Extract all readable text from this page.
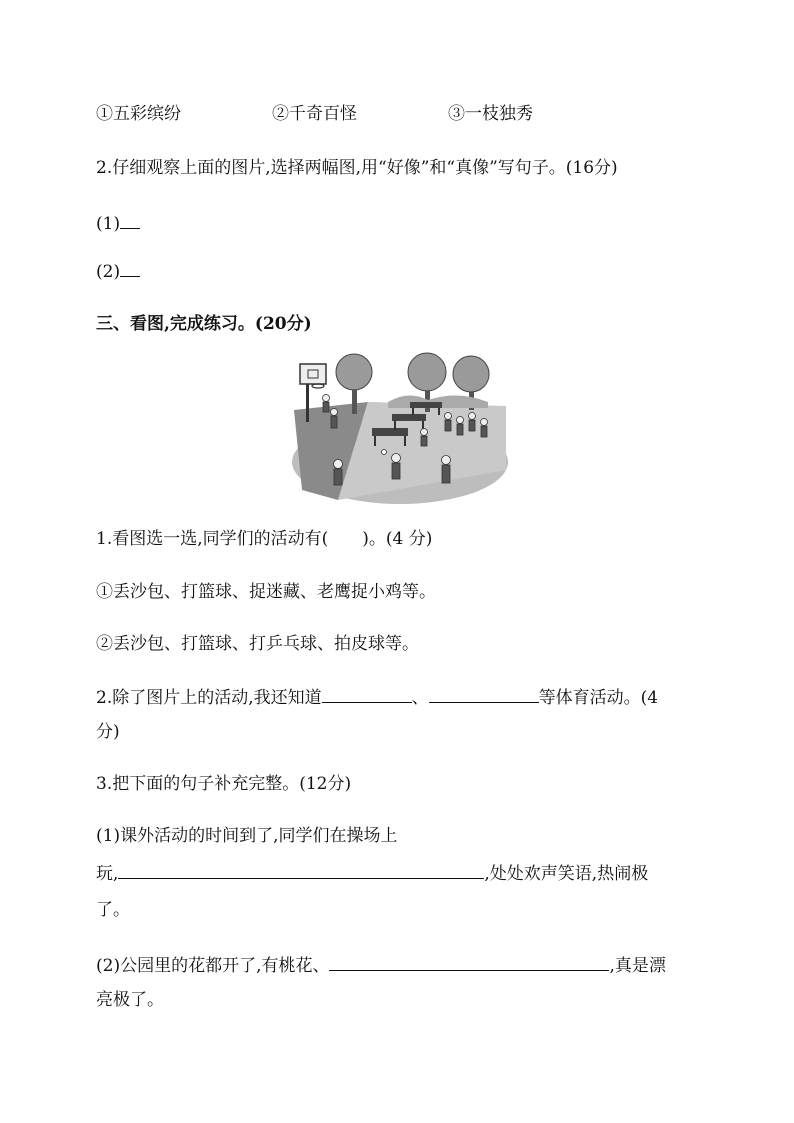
①五彩缤纷	②千奇百怪	③一枝独秀
2.仔细观察上面的图片,选择两幅图,用“好像”和“真像”写句子。(16分)
(1)
(2)
三、看图,完成练习。(20分)
1.看图选一选,同学们的活动有( )。(4 分)
①丢沙包、打篮球、捉迷藏、老鹰捉小鸡等。
②丢沙包、打篮球、打乒乓球、拍皮球等。
2.除了图片上的活动,我还知道	、	等体育活动。(4
分)
3.把下面的句子补充完整。(12分)
(1)课外活动的时间到了,同学们在操场上
玩,	,处处欢声笑语,热闹极
了。
(2)公园里的花都开了,有桃花、	,真是漂
亮极了。
